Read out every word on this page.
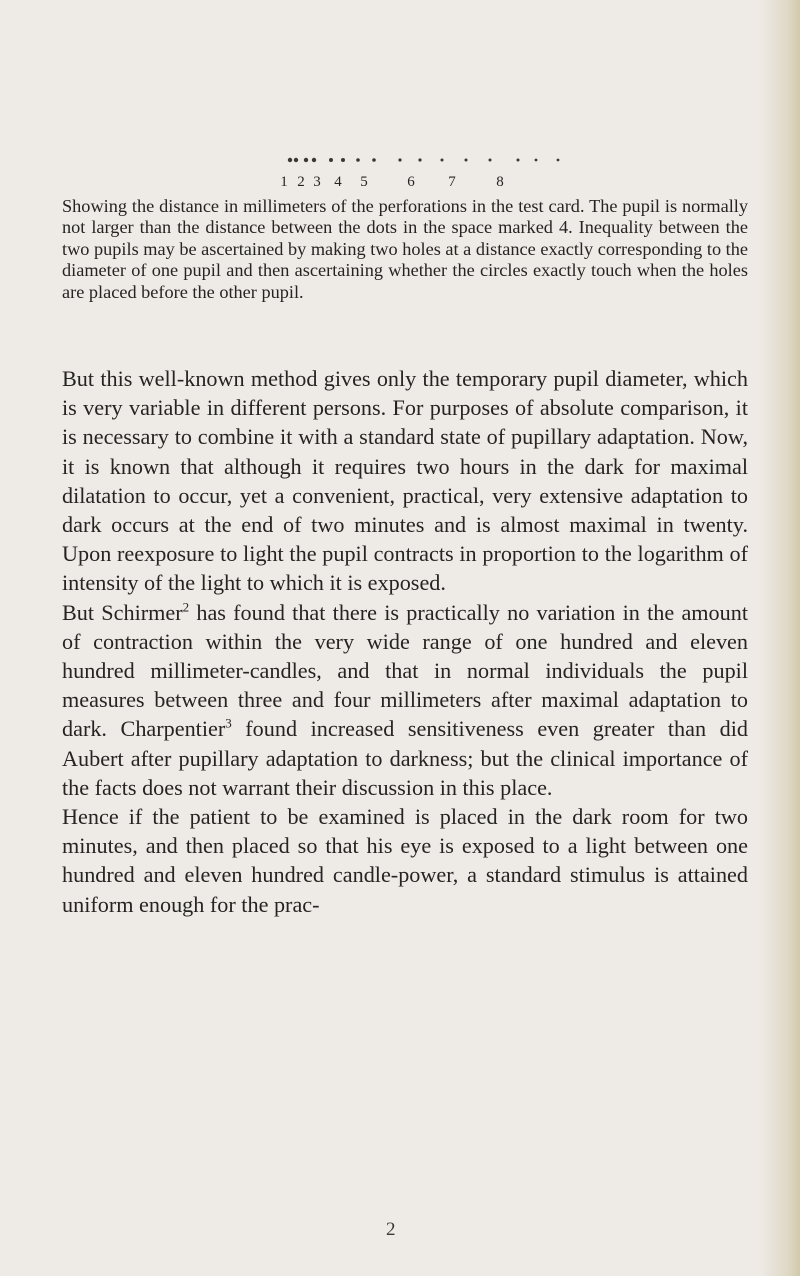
1 2 3 4 5	6 7	8

Showing the distance in millimeters of the perforations in the test card. The pupil is normally not larger than the distance between the dots in the space marked 4. Inequality between the two pupils may be ascertained by making two holes at a distance exactly corresponding to the diameter of one pupil and then ascertaining whether the circles exactly touch when the holes are placed before the other pupil.

But this well-known method gives only the temporary pupil diameter, which is very variable in different persons. For purposes of absolute comparison, it is necessary to combine it with a standard state of pupillary adaptation. Now, it is known that although it requires two hours in the dark for maximal dilatation to occur, yet a convenient, practical, very extensive adaptation to dark occurs at the end of two minutes and is almost maximal in twenty. Upon reexposure to light the pupil contracts in proportion to the logarithm of intensity of the light to which it is exposed.

But Schirmer$^2$ has found that there is practically no variation in the amount of contraction within the very wide range of one hundred and eleven hundred millimeter-candles, and that in normal individuals the pupil measures between three and four millimeters after maximal adaptation to dark. Charpentier$^3$ found increased sensitiveness even greater than did Aubert after pupillary adaptation to darkness; but the clinical importance of the facts does not warrant their discussion in this place.

Hence if the patient to be examined is placed in the dark room for two minutes, and then placed so that his eye is exposed to a light between one hundred and eleven hundred candle-power, a standard stimulus is attained uniform enough for the prac-

2
